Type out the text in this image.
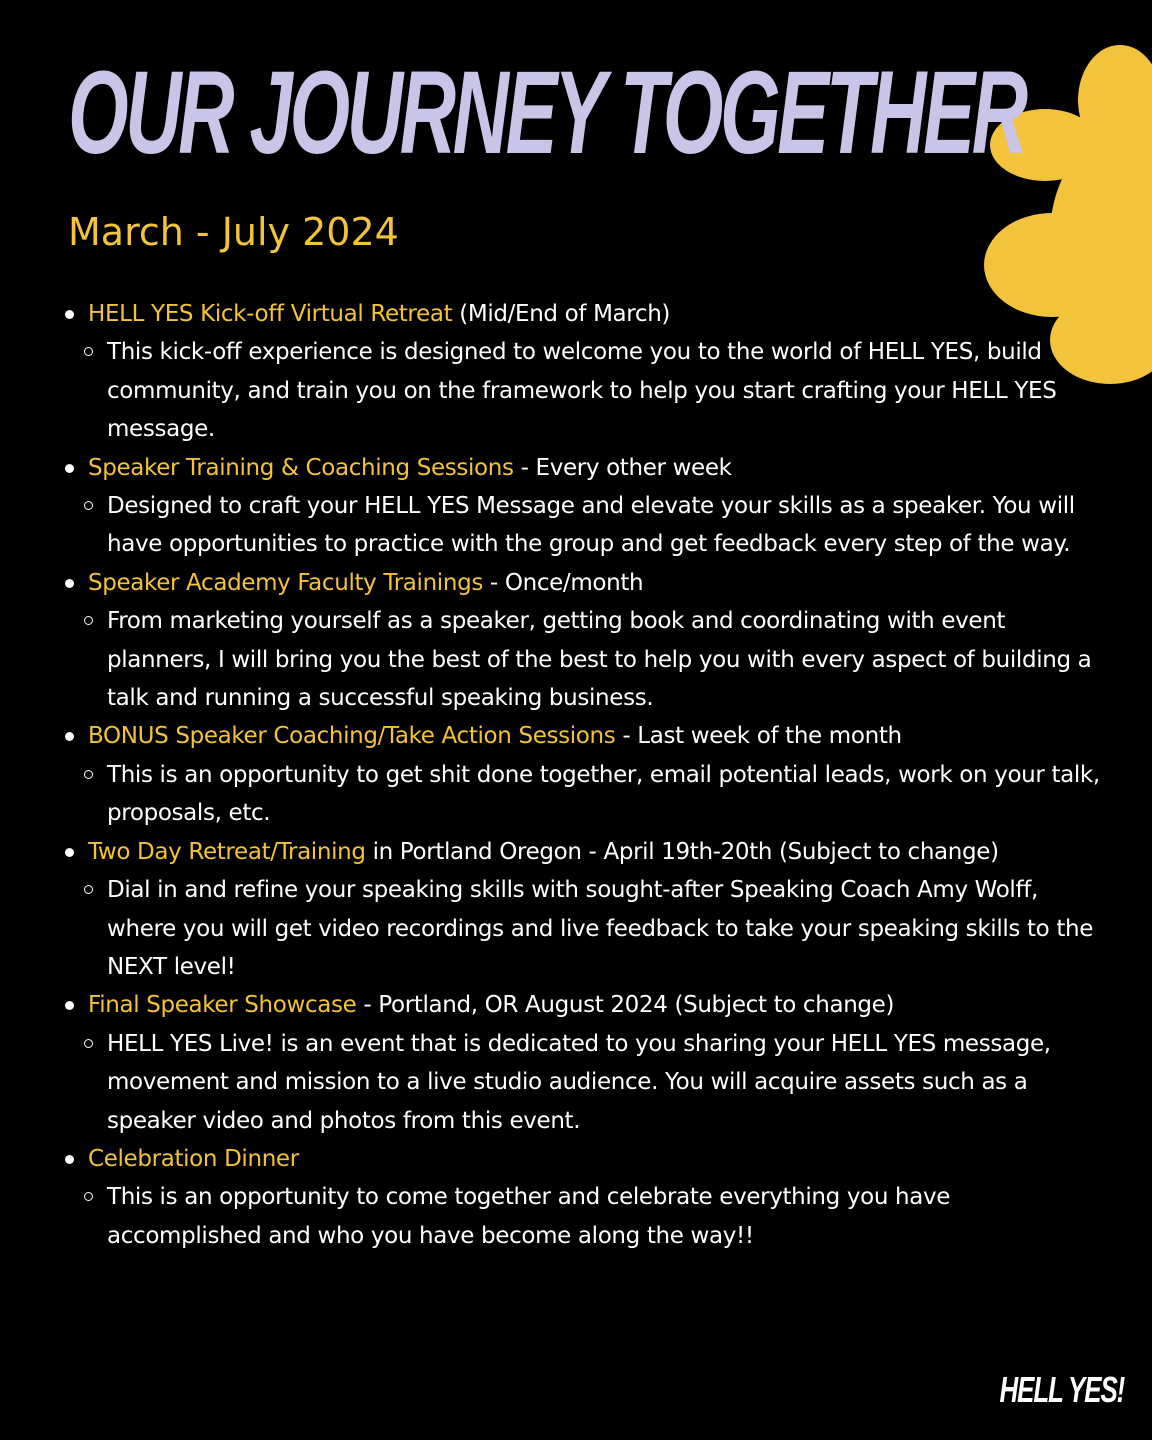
OUR JOURNEY TOGETHER
March - July 2024
HELL YES Kick-off Virtual Retreat (Mid/End of March)
This kick-off experience is designed to welcome you to the world of HELL YES, build community, and train you on the framework to help you start crafting your HELL YES message.
Speaker Training & Coaching Sessions - Every other week
Designed to craft your HELL YES Message and elevate your skills as a speaker. You will have opportunities to practice with the group and get feedback every step of the way.
Speaker Academy Faculty Trainings - Once/month
From marketing yourself as a speaker, getting book and coordinating with event planners, I will bring you the best of the best to help you with every aspect of building a talk and running a successful speaking business.
BONUS Speaker Coaching/Take Action Sessions - Last week of the month
This is an opportunity to get shit done together, email potential leads, work on your talk, proposals, etc.
Two Day Retreat/Training in Portland Oregon - April 19th-20th (Subject to change)
Dial in and refine your speaking skills with sought-after Speaking Coach Amy Wolff, where you will get video recordings and live feedback to take your speaking skills to the NEXT level!
Final Speaker Showcase - Portland, OR August 2024 (Subject to change)
HELL YES Live! is an event that is dedicated to you sharing your HELL YES message, movement and mission to a live studio audience. You will acquire assets such as a speaker video and photos from this event.
Celebration Dinner
This is an opportunity to come together and celebrate everything you have accomplished and who you have become along the way!!

HELL YES!
